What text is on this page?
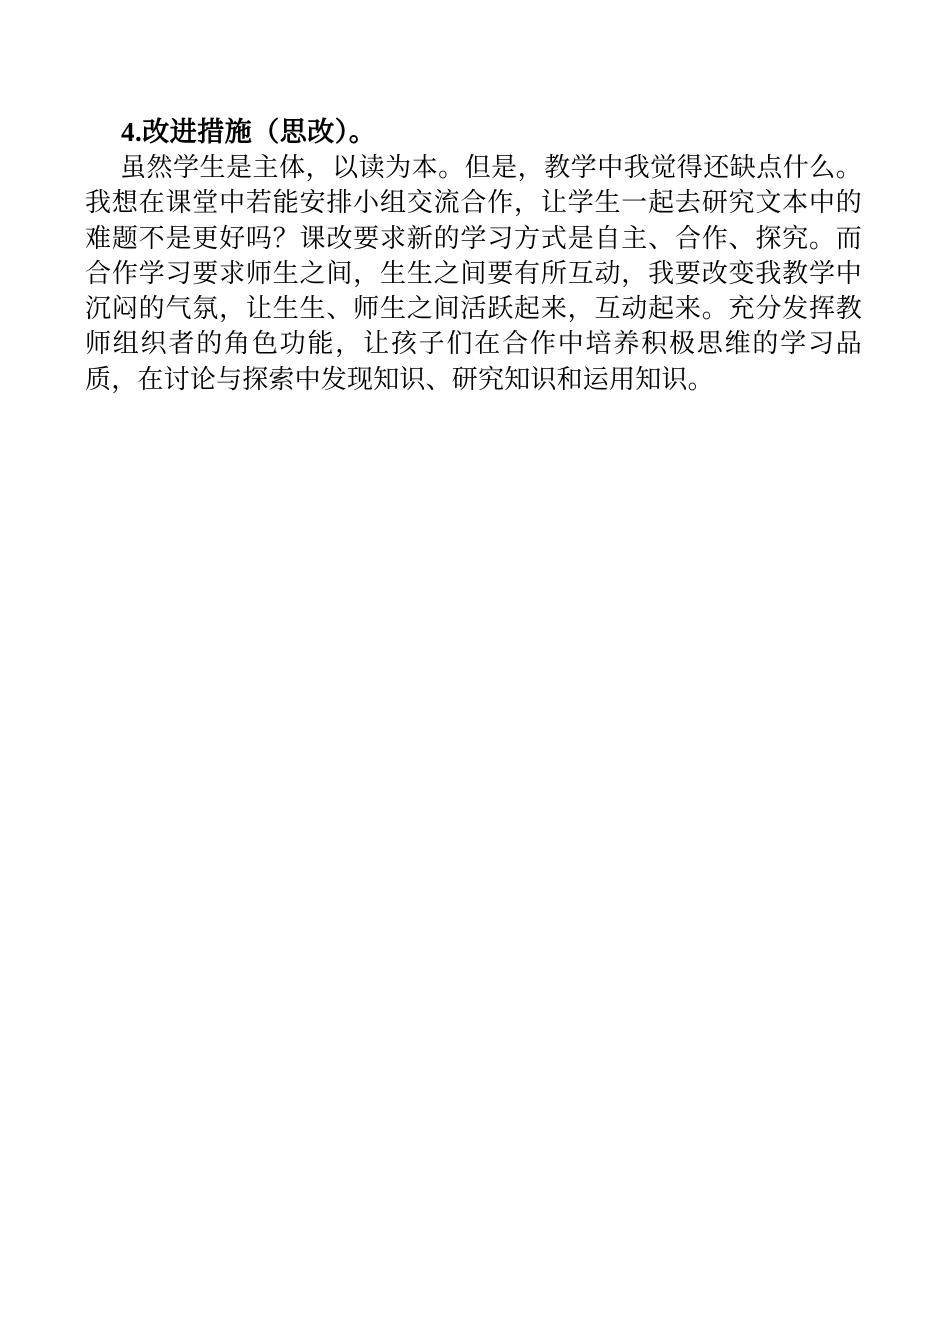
4.改进措施（思改）。

虽然学生是主体，以读为本。但是，教学中我觉得还缺点什么。我想在课堂中若能安排小组交流合作，让学生一起去研究文本中的难题不是更好吗？课改要求新的学习方式是自主、合作、探究。而合作学习要求师生之间，生生之间要有所互动，我要改变我教学中沉闷的气氛，让生生、师生之间活跃起来，互动起来。充分发挥教师组织者的角色功能，让孩子们在合作中培养积极思维的学习品质，在讨论与探索中发现知识、研究知识和运用知识。
